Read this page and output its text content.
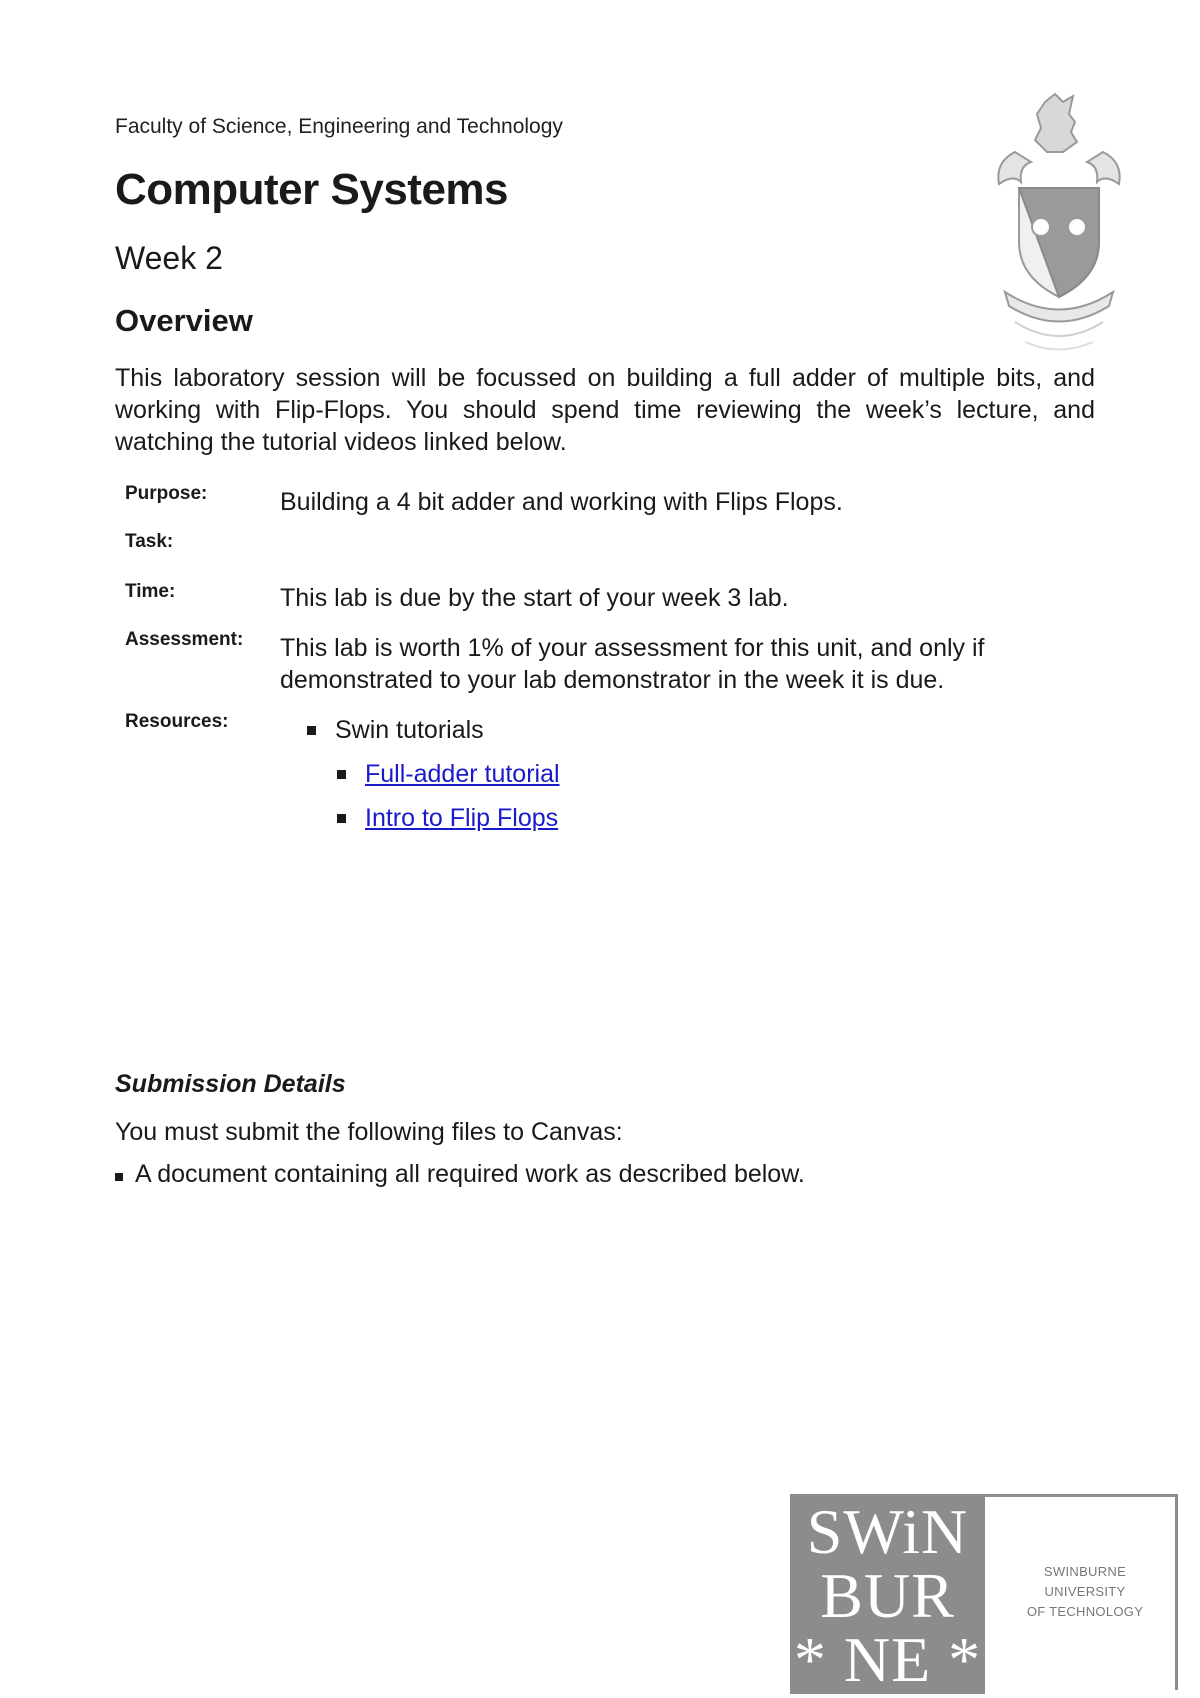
Faculty of Science, Engineering and Technology
Computer Systems
Week 2
Overview

This laboratory session will be focussed on building a full adder of multiple bits, and working with Flip-Flops. You should spend time reviewing the week’s lecture, and watching the tutorial videos linked below.

Purpose:	Building a 4 bit adder and working with Flips Flops.
Task:
Time:	This lab is due by the start of your week 3 lab.
Assessment: This lab is worth 1% of your assessment for this unit, and only if demonstrated to your lab demonstrator in the week it is due.
Resources:	Swin tutorials
Full-adder tutorial
Intro to Flip Flops
Submission Details
You must submit the following files to Canvas:
A document containing all required work as described below.
SWiN
BUR
* NE *
SWINBURNE UNIVERSITY
OF TECHNOLOGY
